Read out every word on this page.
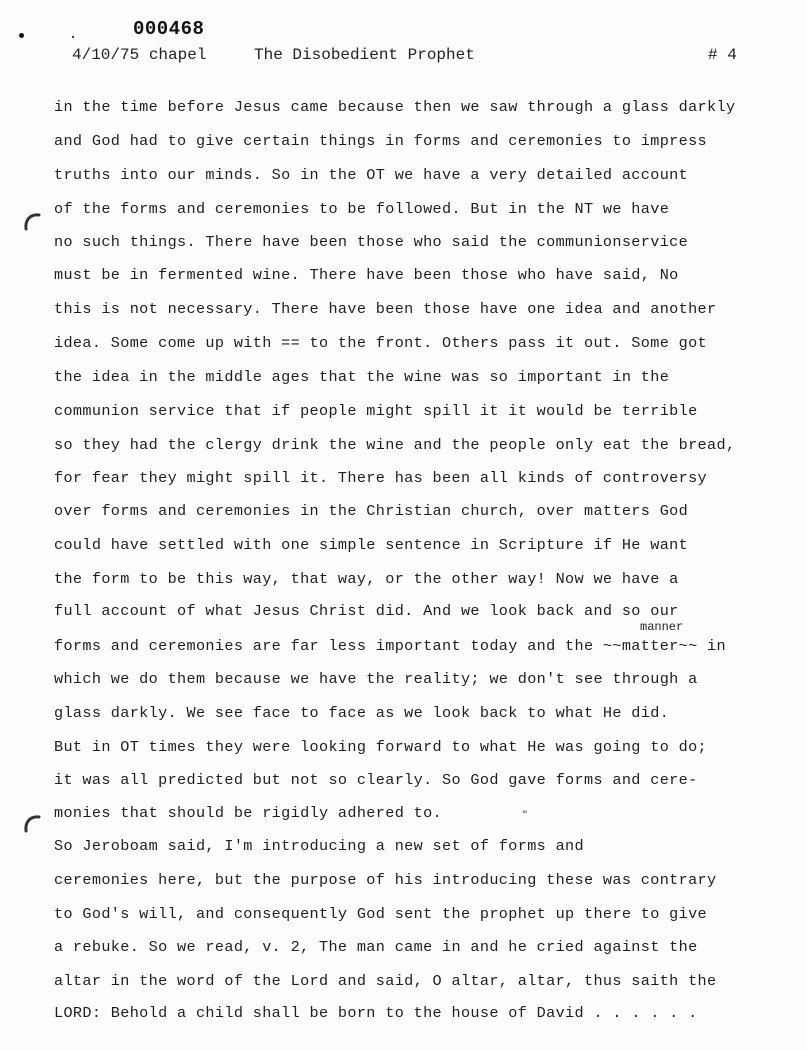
000468
4/10/75 chapel	The Disobedient Prophet	# 4
in the time before Jesus came because then we saw through a glass darkly
and God had to give certain things in forms and ceremonies to impress
truths into our minds. So in the OT we have a very detailed account
of the forms and ceremonies to be followed. But in the NT we have
no such things. There have been those who said the communionservice
must be in fermented wine. There have been those who have said, No
this is not necessary. There have been those have one idea and another
idea. Some come up with == to the front. Others pass it out. Some got
the idea in the middle ages that the wine was so important in the
communion service that if people might spill it it would be terrible
so they had the clergy drink the wine and the people only eat the bread,
for fear they might spill it. There has been all kinds of controversy
over forms and ceremonies in the Christian church, over matters God
could have settled with one simple sentence in Scripture if He want
the form to be this way, that way, or the other way! Now we have a
full account of what Jesus Christ did. And we look back and so our
forms and ceremonies are far less important today and the ~~matter~~ in
which we do them because we have the reality; we don't see through a
glass darkly. We see face to face as we look back to what He did.
But in OT times they were looking forward to what He was going to do;
it was all predicted but not so clearly. So God gave forms and cere-
monies that should be rigidly adhered to.
So Jeroboam said, I'm introducing a new set of forms and
ceremonies here, but the purpose of his introducing these was contrary
to God's will, and consequently God sent the prophet up there to give
a rebuke. So we read, v. 2, The man came in and he cried against the
altar in the word of the Lord and said, O altar, altar, thus saith the
LORD: Behold a child shall be born to the house of David . . . . . .
manner
‴
